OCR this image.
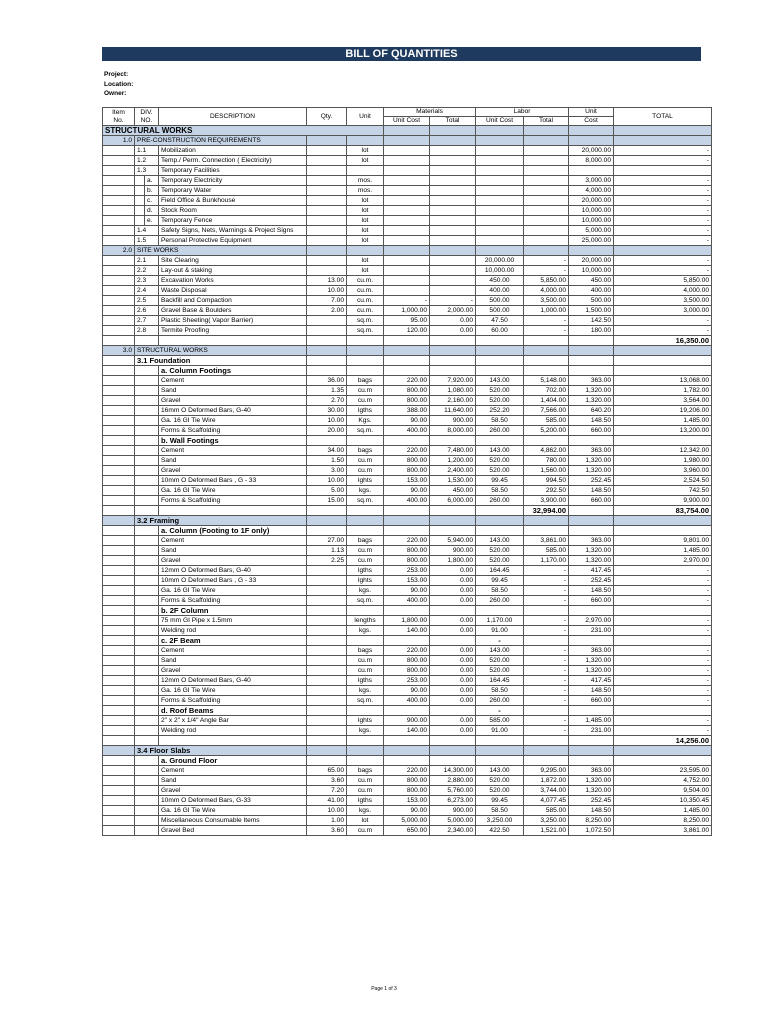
BILL OF QUANTITIES
Project:
Location:
Owner:
Item
No.	DIV.
NO.		DESCRIPTION	Qty.	Unit	Materials		Labor		Unit	TOTAL
						Unit Cost	Total	Unit Cost	Total	Cost	
STRUCTURAL WORKS											
1.0	PRE-CONSTRUCTION REQUIREMENTS										
	1.1		Mobilization		lot					20,000.00	-
	1.2		Temp./ Perm. Connection ( Electricity)		lot					8,000.00	-
	1.3		Temporary Facilities								
		a.	Temporary Electricity		mos.					3,000.00	-
		b.	Temporary Water		mos.					4,000.00	-
		c.	Field Office & Bunkhouse		lot					20,000.00	-
		d.	Stock Room		lot					10,000.00	-
		e.	Temporary Fence		lot					10,000.00	-
	1.4		Safety Signs, Nets, Warnings & Project Signs		lot					5,000.00	-
	1.5		Personal Protective Equipment		lot					25,000.00	-
2.0	SITE WORKS										
	2.1		Site Clearing		lot			20,000.00	-	20,000.00	-
	2.2		Lay-out & staking		lot			10,000.00	-	10,000.00	-
	2.3		Excavation Works	13.00	cu.m.			450.00	5,850.00	450.00	5,850.00
	2.4		Waste Disposal	10.00	cu.m.			400.00	4,000.00	400.00	4,000.00
	2.5		Backfill and Compaction	7.00	cu.m.	-	-	500.00	3,500.00	500.00	3,500.00
	2.6		Gravel Base & Boulders	2.00	cu.m.	1,000.00	2,000.00	500.00	1,000.00	1,500.00	3,000.00
	2.7		Plastic Sheeting( Vapor Barrier)		sq.m.	95.00	0.00	47.50	-	142.50	-
	2.8		Termite Proofing		sq.m.	120.00	0.00	60.00	-	180.00	-
											16,350.00
3.0	STRUCTURAL WORKS										
	3.1 Foundation										
			a. Column Footings								
			Cement	36.00	bags	220.00	7,920.00	143.00	5,148.00	363.00	13,068.00
			Sand	1.35	cu.m	800.00	1,080.00	520.00	702.00	1,320.00	1,782.00
			Gravel	2.70	cu.m	800.00	2,160.00	520.00	1,404.00	1,320.00	3,564.00
			16mm O Deformed Bars, G-40	30.00	lgths	388.00	11,640.00	252.20	7,566.00	640.20	19,206.00
			Ga. 16 GI Tie Wire	10.00	Kgs.	90.00	900.00	58.50	585.00	148.50	1,485.00
			Forms & Scaffolding	20.00	sq.m.	400.00	8,000.00	260.00	5,200.00	660.00	13,200.00
			b. Wall Footings								
			Cement	34.00	bags	220.00	7,480.00	143.00	4,862.00	363.00	12,342.00
			Sand	1.50	cu.m	800.00	1,200.00	520.00	780.00	1,320.00	1,980.00
			Gravel	3.00	cu.m	800.00	2,400.00	520.00	1,560.00	1,320.00	3,960.00
			10mm O Deformed Bars , G - 33	10.00	lghts	153.00	1,530.00	99.45	994.50	252.45	2,524.50
			Ga. 16 GI Tie Wire	5.00	kgs.	90.00	450.00	58.50	292.50	148.50	742.50
			Forms & Scaffolding	15.00	sq.m.	400.00	6,000.00	260.00	3,900.00	660.00	9,900.00
									32,994.00		83,754.00
	3.2 Framing										
			a. Column (Footing to 1F only)								
			Cement	27.00	bags	220.00	5,940.00	143.00	3,861.00	363.00	9,801.00
			Sand	1.13	cu.m	800.00	900.00	520.00	585.00	1,320.00	1,485.00
			Gravel	2.25	cu.m	800.00	1,800.00	520.00	1,170.00	1,320.00	2,970.00
			12mm O Deformed Bars, G-40		lgths	253.00	0.00	164.45	-	417.45	-
			10mm O Deformed Bars , G - 33		lghts	153.00	0.00	99.45	-	252.45	-
			Ga. 16 GI Tie Wire		kgs.	90.00	0.00	58.50	-	148.50	-
			Forms & Scaffolding		sq.m.	400.00	0.00	260.00	-	660.00	-
			b. 2F Column								
			75 mm GI Pipe x 1.5mm		lengths	1,800.00	0.00	1,170.00	-	2,970.00	-
			Welding rod		kgs.	140.00	0.00	91.00	-	231.00	-
			c. 2F Beam					-			
			Cement		bags	220.00	0.00	143.00	-	363.00	-
			Sand		cu.m	800.00	0.00	520.00	-	1,320.00	-
			Gravel		cu.m	800.00	0.00	520.00	-	1,320.00	-
			12mm O Deformed Bars, G-40		lgths	253.00	0.00	164.45	-	417.45	-
			Ga. 16 GI Tie Wire		kgs.	90.00	0.00	58.50	-	148.50	-
			Forms & Scaffolding		sq.m.	400.00	0.00	260.00	-	660.00	-
			d. Roof Beams					-			
			2" x 2" x 1/4" Angle Bar		lghts	900.00	0.00	585.00	-	1,485.00	-
			Welding rod		kgs.	140.00	0.00	91.00	-	231.00	-
											14,256.00
	3.4 Floor Slabs										
			a. Ground Floor								
			Cement	65.00	bags	220.00	14,300.00	143.00	9,295.00	363.00	23,595.00
			Sand	3.60	cu.m	800.00	2,880.00	520.00	1,872.00	1,320.00	4,752.00
			Gravel	7.20	cu.m	800.00	5,760.00	520.00	3,744.00	1,320.00	9,504.00
			10mm O Deformed Bars, G-33	41.00	lgths	153.00	6,273.00	99.45	4,077.45	252.45	10,350.45
			Ga. 16 GI Tie Wire	10.00	kgs.	90.00	900.00	58.50	585.00	148.50	1,485.00
			Miscellaneous Consumable Items	1.00	lot	5,000.00	5,000.00	3,250.00	3,250.00	8,250.00	8,250.00
			Gravel Bed	3.60	cu.m	650.00	2,340.00	422.50	1,521.00	1,072.50	3,861.00
Page 1 of 3
